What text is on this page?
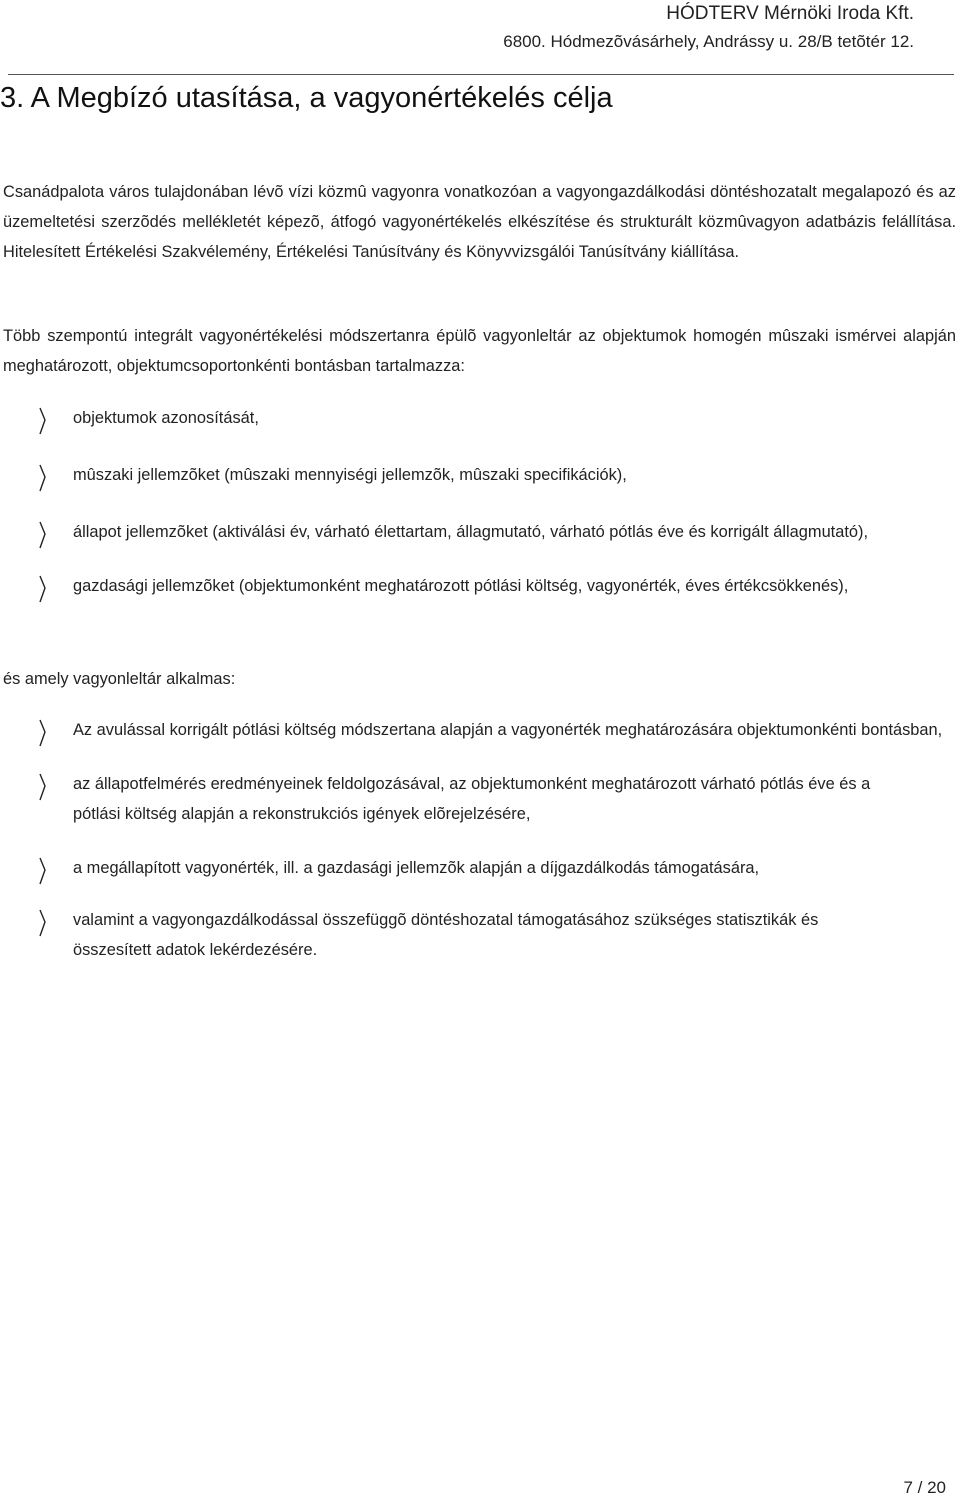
HÓDTERV Mérnöki Iroda Kft.
6800. Hódmezõvásárhely, Andrássy u. 28/B tetõtér 12.
3. A Megbízó utasítása, a vagyonértékelés célja

Csanádpalota város tulajdonában lévõ vízi közmû vagyonra vonatkozóan a vagyongazdálkodási döntéshozatalt megalapozó és az üzemeltetési szerzõdés mellékletét képezõ, átfogó vagyonértékelés elkészítése és strukturált közmûvagyon adatbázis felállítása. Hitelesített Értékelési Szakvélemény, Értékelési Tanúsítvány és Könyvvizsgálói Tanúsítvány kiállítása.

Több szempontú integrált vagyonértékelési módszertanra épülõ vagyonleltár az objektumok homogén mûszaki ismérvei alapján meghatározott, objektumcsoportonkénti bontásban tartalmazza:

objektumok azonosítását,
mûszaki jellemzõket (mûszaki mennyiségi jellemzõk, mûszaki specifikációk),
állapot jellemzõket (aktiválási év, várható élettartam, állagmutató, várható pótlás éve és korrigált állagmutató),
gazdasági jellemzõket (objektumonként meghatározott pótlási költség, vagyonérték, éves értékcsökkenés),

és amely vagyonleltár alkalmas:

Az avulással korrigált pótlási költség módszertana alapján a vagyonérték meghatározására objektumonkénti bontásban,
az állapotfelmérés eredményeinek feldolgozásával, az objektumonként meghatározott várható pótlás éve és a pótlási költség alapján a rekonstrukciós igények elõrejelzésére,
a megállapított vagyonérték, ill. a gazdasági jellemzõk alapján a díjgazdálkodás támogatására,
valamint a vagyongazdálkodással összefüggõ döntéshozatal támogatásához szükséges statisztikák és összesített adatok lekérdezésére.
7 / 20
